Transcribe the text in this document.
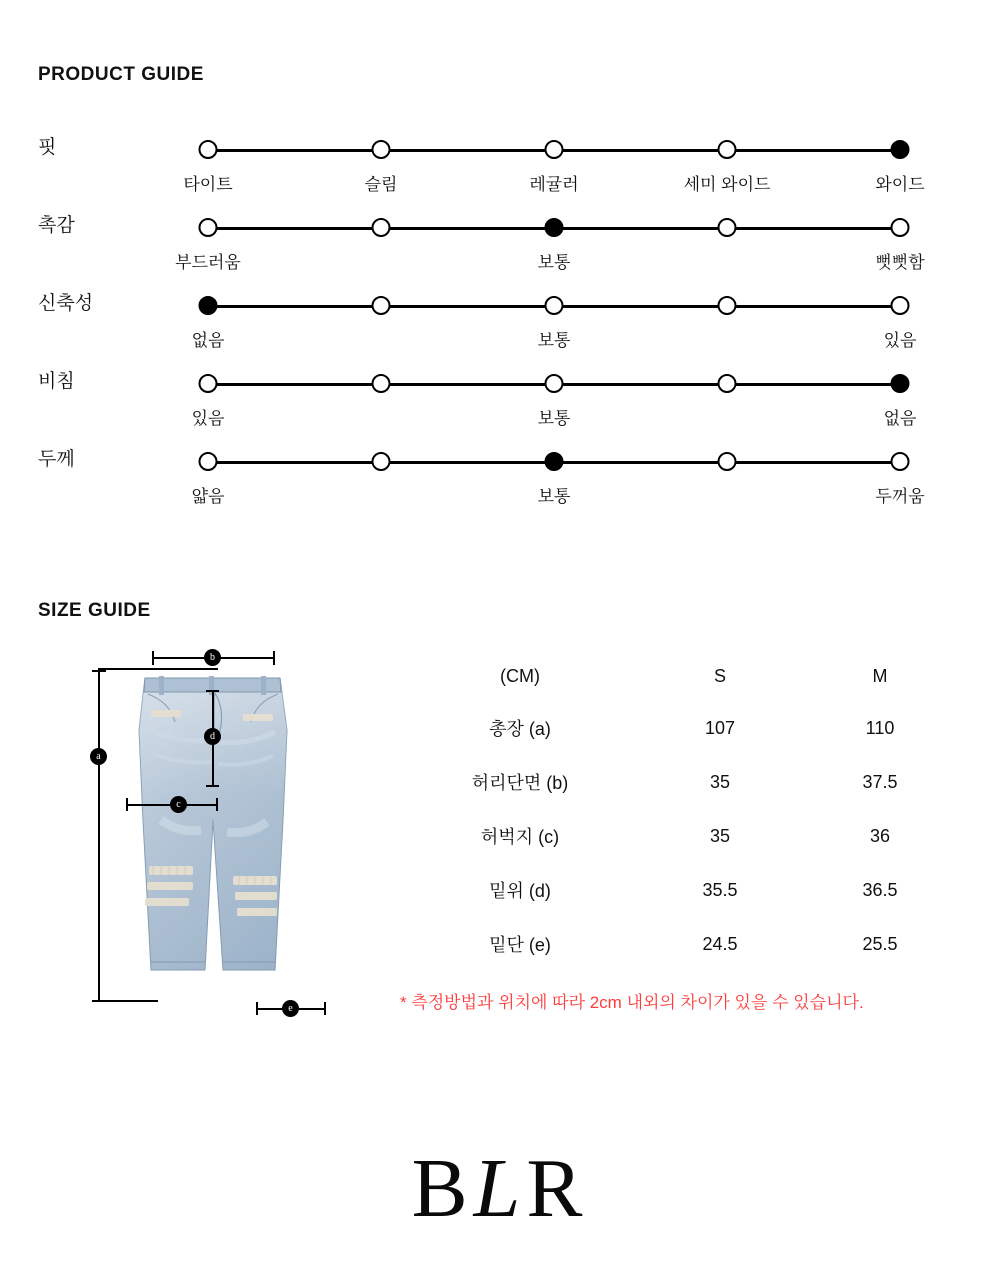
PRODUCT GUIDE
핏
타이트	슬림	레귤러	세미 와이드	와이드
촉감
부드러움	보통	뻣뻣함
신축성
없음	보통	있음
비침
있음	보통	없음
두께
얇음	보통	두꺼움
SIZE GUIDE
a
b
c
d
e
(CM)	S	M
총장 (a)	107	110
허리단면 (b)	35	37.5
허벅지 (c)	35	36
밑위 (d)	35.5	36.5
밑단 (e)	24.5	25.5
* 측정방법과 위치에 따라 2cm 내외의 차이가 있을 수 있습니다.
BLR
